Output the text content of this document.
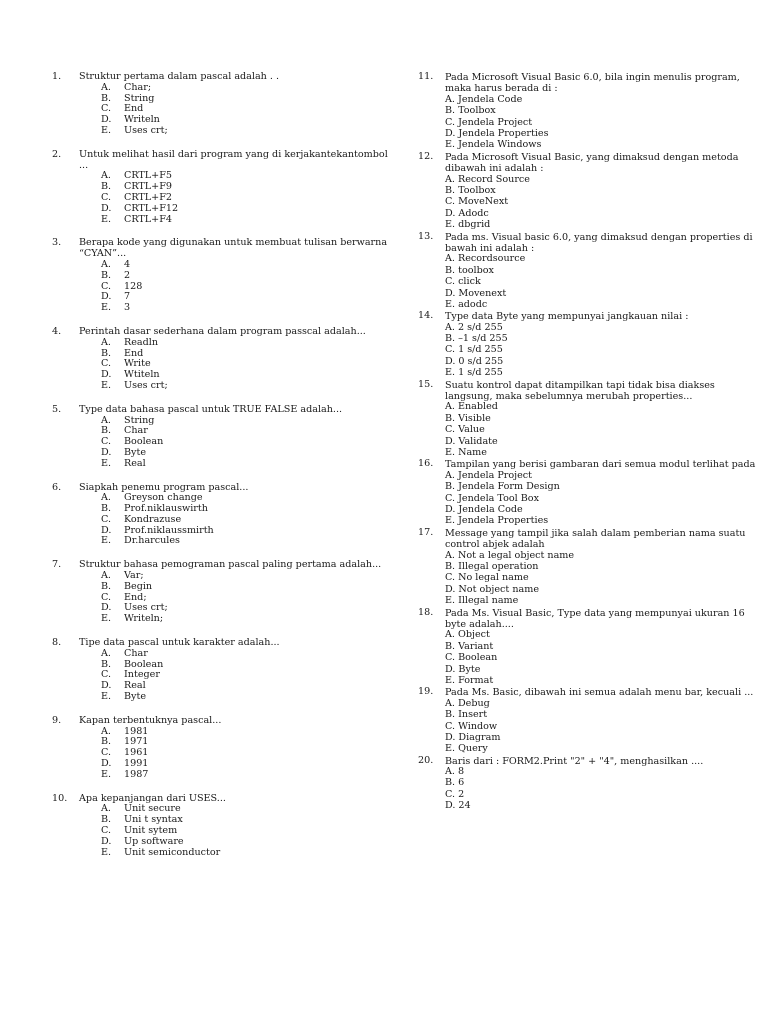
1.	Struktur pertama dalam pascal adalah . .
A. Char;
B. String
C. End
D. Writeln
E. Uses crt;
2.	Untuk melihat hasil dari program yang di kerjakantekantombol ...
A. CRTL+F5
B. CRTL+F9
C. CRTL+F2
D. CRTL+F12
E. CRTL+F4
3.	Berapa kode yang digunakan untuk membuat tulisan berwarna “CYAN”...
A. 4
B. 2
C. 128
D. 7
E. 3
4.	Perintah dasar sederhana dalam program passcal adalah...
A. Readln
B. End
C. Write
D. Wtiteln
E. Uses crt;
5.	Type data bahasa pascal untuk TRUE FALSE adalah...
A. String
B. Char
C. Boolean
D. Byte
E. Real
6.	Siapkah penemu program pascal...
A. Greyson change
B. Prof.niklauswirth
C. Kondrazuse
D. Prof.niklaussmirth
E. Dr.harcules
7.	Struktur bahasa pemograman pascal paling pertama adalah...
A. Var;
B. Begin
C. End;
D. Uses crt;
E. Writeln;
8.	Tipe data pascal untuk karakter adalah...
A. Char
B. Boolean
C. Integer
D. Real
E. Byte
9.	Kapan terbentuknya pascal...
A. 1981
B. 1971
C. 1961
D. 1991
E. 1987
10.	Apa kepanjangan dari USES...
A. Unit secure
B. Uni t syntax
C. Unit sytem
D. Up software
E. Unit semiconductor
11.	Pada Microsoft Visual Basic 6.0, bila ingin menulis program, maka harus berada di :
A. Jendela Code
B. Toolbox
C. Jendela Project
D. Jendela Properties
E. Jendela Windows
12.	Pada Microsoft Visual Basic, yang dimaksud dengan metoda dibawah ini adalah :
A. Record Source
B. Toolbox
C. MoveNext
D. Adodc
E. dbgrid
13.	Pada ms. Visual basic 6.0, yang dimaksud dengan properties di bawah ini adalah :
A. Recordsource
B. toolbox
C. click
D. Movenext
E. adodc
14.	Type data Byte yang mempunyai jangkauan nilai :
A. 2 s/d 255
B. –1 s/d 255
C. 1 s/d 255
D. 0 s/d 255
E. 1 s/d 255
15.	Suatu kontrol dapat ditampilkan tapi tidak bisa diakses langsung, maka sebelumnya merubah properties...
A. Enabled
B. Visible
C. Value
D. Validate
E. Name
16.	Tampilan yang berisi gambaran dari semua modul terlihat pada
A. Jendela Project
B. Jendela Form Design
C. Jendela Tool Box
D. Jendela Code
E. Jendela Properties
17.	Message yang tampil jika salah dalam pemberian nama suatu control abjek adalah
A. Not a legal object name
B. Illegal operation
C. No legal name
D. Not object name
E. Illegal name
18.	Pada Ms. Visual Basic, Type data yang mempunyai ukuran 16 byte adalah....
A. Object
B. Variant
C. Boolean
D. Byte
E. Format
19.	Pada Ms. Basic, dibawah ini semua adalah menu bar, kecuali ...
A. Debug
B. Insert
C. Window
D. Diagram
E. Query
20.	Baris dari : FORM2.Print "2" + "4", menghasilkan ....
A. 8
B. 6
C. 2
D. 24
